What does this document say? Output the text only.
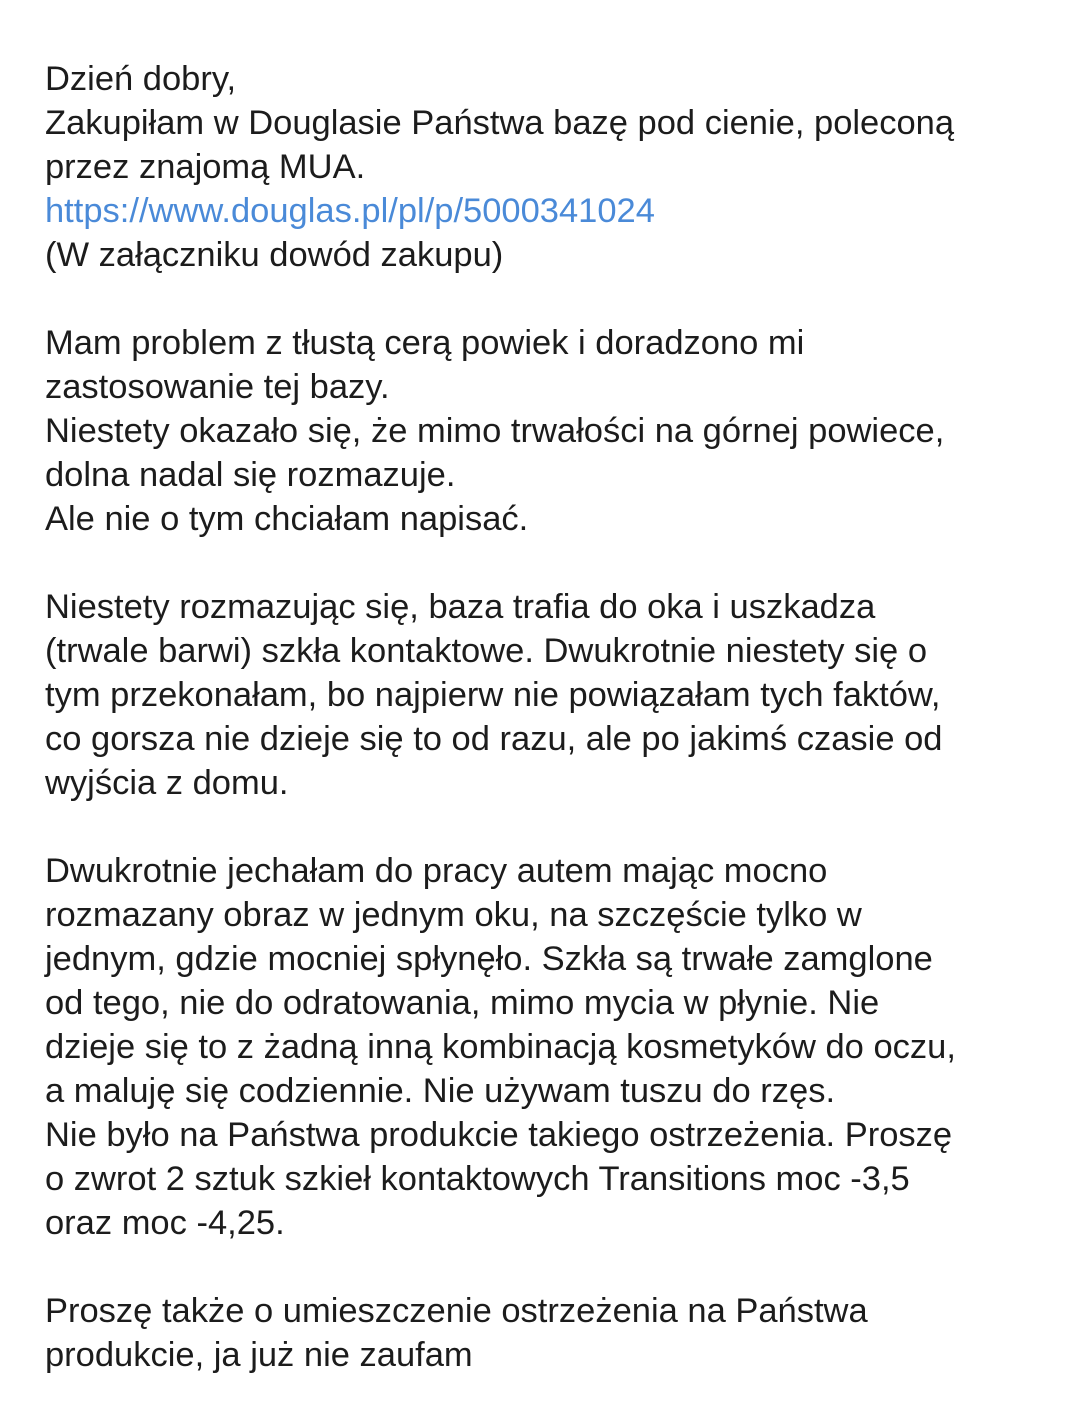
Dzień dobry,
Zakupiłam w Douglasie Państwa bazę pod cienie, poleconą
przez znajomą MUA.
https://www.douglas.pl/pl/p/5000341024
(W załączniku dowód zakupu)
Mam problem z tłustą cerą powiek i doradzono mi
zastosowanie tej bazy.
Niestety okazało się, że mimo trwałości na górnej powiece,
dolna nadal się rozmazuje.
Ale nie o tym chciałam napisać.
Niestety rozmazując się, baza trafia do oka i uszkadza
(trwale barwi) szkła kontaktowe. Dwukrotnie niestety się o
tym przekonałam, bo najpierw nie powiązałam tych faktów,
co gorsza nie dzieje się to od razu, ale po jakimś czasie od
wyjścia z domu.
Dwukrotnie jechałam do pracy autem mając mocno
rozmazany obraz w jednym oku, na szczęście tylko w
jednym, gdzie mocniej spłynęło. Szkła są trwałe zamglone
od tego, nie do odratowania, mimo mycia w płynie. Nie
dzieje się to z żadną inną kombinacją kosmetyków do oczu,
a maluję się codziennie. Nie używam tuszu do rzęs.
Nie było na Państwa produkcie takiego ostrzeżenia. Proszę
o zwrot 2 sztuk szkieł kontaktowych Transitions moc -3,5
oraz moc -4,25.
Proszę także o umieszczenie ostrzeżenia na Państwa
produkcie, ja już nie zaufam
